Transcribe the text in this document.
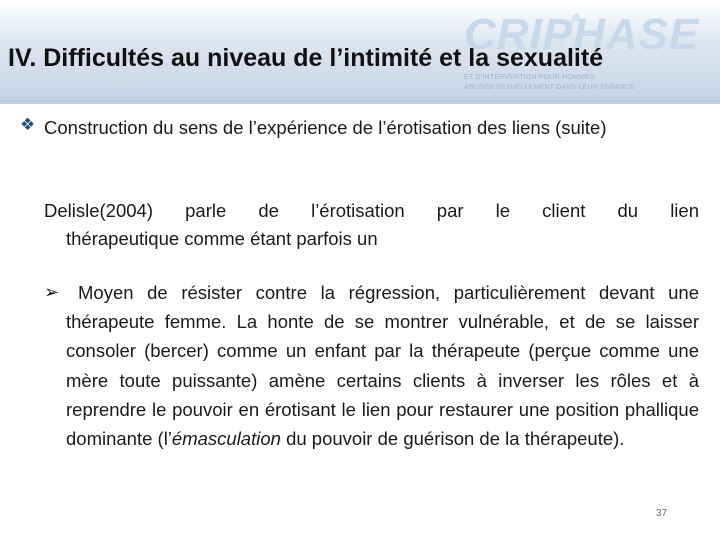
CRIPHASE
ET D’INTERVENTION POUR HOMMES
ABUSÉS SEXUELLEMENT DANS LEUR ENFANCE
IV. Difficultés au niveau de l’intimité et la sexualité
❖ Construction du sens de l’expérience de l’érotisation des liens (suite)
Delisle(2004) parle de l’érotisation par le client du lien
thérapeutique comme étant parfois un
➢	Moyen de résister contre la régression, particulièrement devant une thérapeute femme. La honte de se montrer vulnérable, et de se laisser consoler (bercer) comme un enfant par la thérapeute (perçue comme une mère toute puissante) amène certains clients à inverser les rôles et à reprendre le pouvoir en érotisant le lien pour restaurer une position phallique dominante (l’émasculation du pouvoir de guérison de la thérapeute).

37
